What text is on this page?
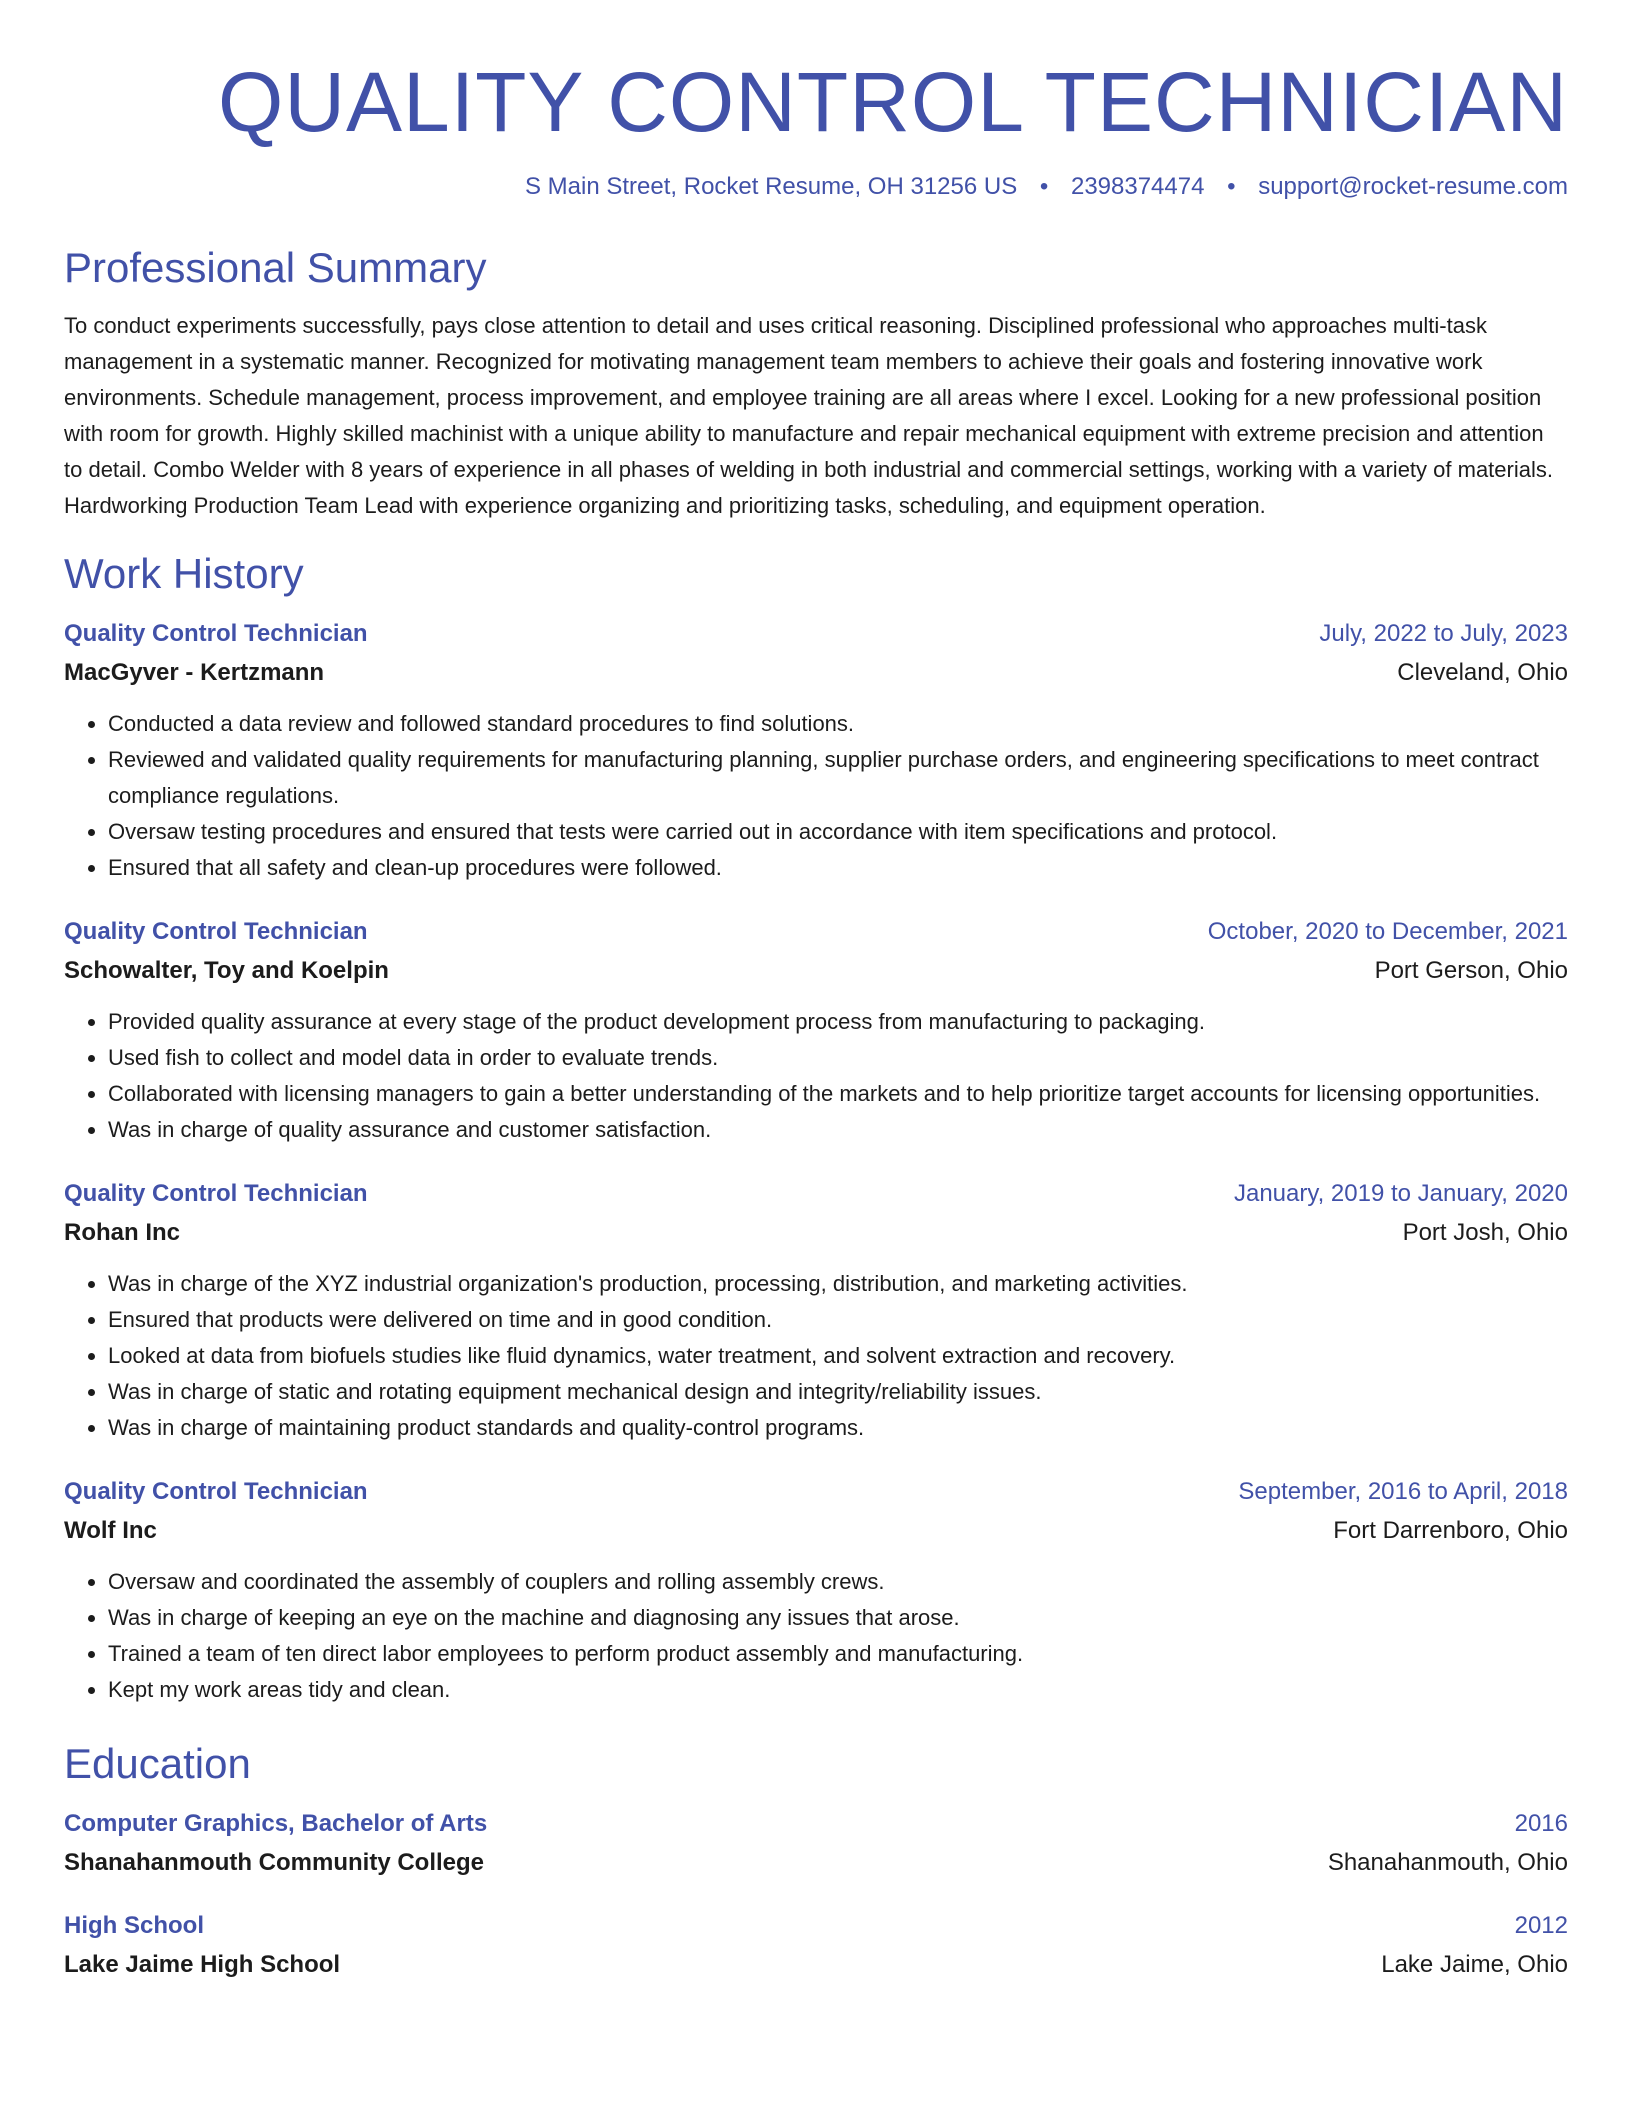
QUALITY CONTROL TECHNICIAN
S Main Street, Rocket Resume, OH 31256 US • 2398374474 • support@rocket-resume.com
Professional Summary

To conduct experiments successfully, pays close attention to detail and uses critical reasoning. Disciplined professional who approaches multi-task management in a systematic manner. Recognized for motivating management team members to achieve their goals and fostering innovative work environments. Schedule management, process improvement, and employee training are all areas where I excel. Looking for a new professional position with room for growth. Highly skilled machinist with a unique ability to manufacture and repair mechanical equipment with extreme precision and attention to detail. Combo Welder with 8 years of experience in all phases of welding in both industrial and commercial settings, working with a variety of materials. Hardworking Production Team Lead with experience organizing and prioritizing tasks, scheduling, and equipment operation.

Work History
Quality Control Technician	July, 2022 to July, 2023
MacGyver - Kertzmann	Cleveland, Ohio
• Conducted a data review and followed standard procedures to find solutions.
• Reviewed and validated quality requirements for manufacturing planning, supplier purchase orders, and engineering specifications to meet contract compliance regulations.
• Oversaw testing procedures and ensured that tests were carried out in accordance with item specifications and protocol.
• Ensured that all safety and clean-up procedures were followed.
Quality Control Technician	October, 2020 to December, 2021
Schowalter, Toy and Koelpin	Port Gerson, Ohio
• Provided quality assurance at every stage of the product development process from manufacturing to packaging.
• Used fish to collect and model data in order to evaluate trends.
• Collaborated with licensing managers to gain a better understanding of the markets and to help prioritize target accounts for licensing opportunities.
• Was in charge of quality assurance and customer satisfaction.
Quality Control Technician	January, 2019 to January, 2020
Rohan Inc	Port Josh, Ohio
• Was in charge of the XYZ industrial organization's production, processing, distribution, and marketing activities.
• Ensured that products were delivered on time and in good condition.
• Looked at data from biofuels studies like fluid dynamics, water treatment, and solvent extraction and recovery.
• Was in charge of static and rotating equipment mechanical design and integrity/reliability issues.
• Was in charge of maintaining product standards and quality-control programs.
Quality Control Technician	September, 2016 to April, 2018
Wolf Inc	Fort Darrenboro, Ohio
• Oversaw and coordinated the assembly of couplers and rolling assembly crews.
• Was in charge of keeping an eye on the machine and diagnosing any issues that arose.
• Trained a team of ten direct labor employees to perform product assembly and manufacturing.
• Kept my work areas tidy and clean.
Education
Computer Graphics, Bachelor of Arts	2016
Shanahanmouth Community College	Shanahanmouth, Ohio
High School	2012
Lake Jaime High School	Lake Jaime, Ohio
